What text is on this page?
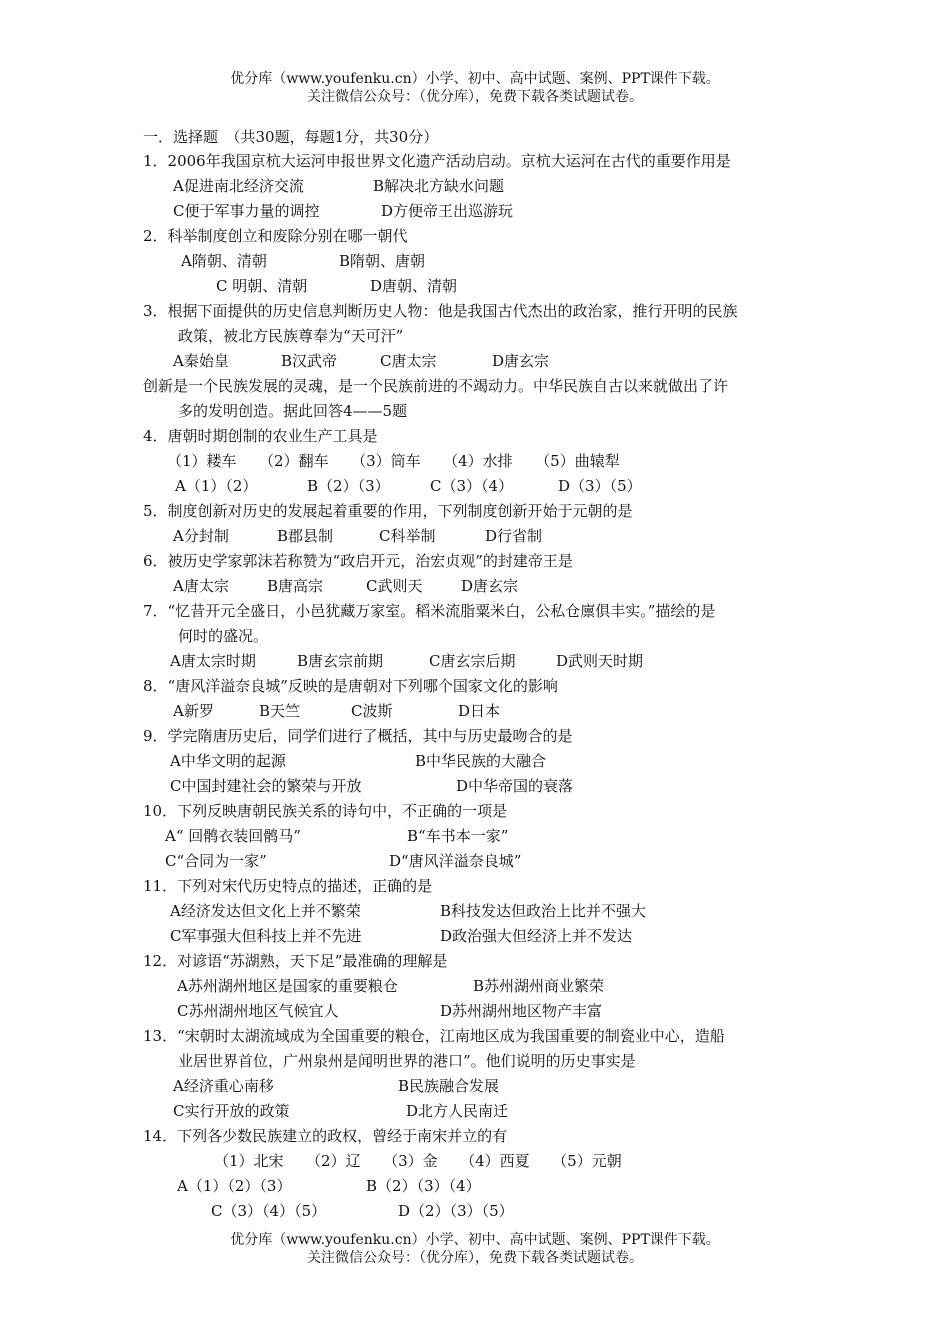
优分库（www.youfenku.cn）小学、初中、高中试题、案例、PPT课件下载。
关注微信公众号：（优分库），免费下载各类试题试卷。
一．选择题　（共30题，每题1分，共30分）
1．2006年我国京杭大运河申报世界文化遗产活动启动。京杭大运河在古代的重要作用是
A促进南北经济交流	B解决北方缺水问题
C便于军事力量的调控	D方便帝王出巡游玩
2．科举制度创立和废除分别在哪一朝代
A隋朝、清朝	B隋朝、唐朝
C 明朝、清朝	D唐朝、清朝
3．根据下面提供的历史信息判断历史人物：他是我国古代杰出的政治家，推行开明的民族
政策，被北方民族尊奉为“天可汗”
A秦始皇	B汉武帝	C唐太宗	D唐玄宗
创新是一个民族发展的灵魂，是一个民族前进的不竭动力。中华民族自古以来就做出了许
多的发明创造。据此回答4——5题
4．唐朝时期创制的农业生产工具是
（1）耧车　　（2）翻车　　（3）筒车　　（4）水排　　（5）曲辕犁
A（1）（2）	B（2）（3）	C（3）（4）	D（3）（5）
5．制度创新对历史的发展起着重要的作用，下列制度创新开始于元朝的是
A分封制	B郡县制	C科举制	D行省制
6．被历史学家郭沫若称赞为“政启开元，治宏贞观”的封建帝王是
A唐太宗	B唐高宗	C武则天	D唐玄宗
7．“忆昔开元全盛日，小邑犹藏万家室。稻米流脂粟米白，公私仓廪俱丰实。”描绘的是
何时的盛况。
A唐太宗时期	B唐玄宗前期	C唐玄宗后期	D武则天时期
8．“唐风洋溢奈良城”反映的是唐朝对下列哪个国家文化的影响
A新罗	B天竺	C波斯	D日本
9．学完隋唐历史后，同学们进行了概括，其中与历史最吻合的是
A中华文明的起源	B中华民族的大融合
C中国封建社会的繁荣与开放	D中华帝国的衰落
10．下列反映唐朝民族关系的诗句中，不正确的一项是
A“ 回鹘衣装回鹘马”	B“车书本一家”
C“合同为一家”	D“唐风洋溢奈良城”
11．下列对宋代历史特点的描述，正确的是
A经济发达但文化上并不繁荣	B科技发达但政治上比并不强大
C军事强大但科技上并不先进	D政治强大但经济上并不发达
12．对谚语“苏湖熟，天下足”最准确的理解是
A苏州湖州地区是国家的重要粮仓	B苏州湖州商业繁荣
C苏州湖州地区气候宜人	D苏州湖州地区物产丰富
13．“宋朝时太湖流域成为全国重要的粮仓，江南地区成为我国重要的制瓷业中心，造船
业居世界首位，广州泉州是闻明世界的港口”。他们说明的历史事实是
A经济重心南移	B民族融合发展
C实行开放的政策	D北方人民南迁
14．下列各少数民族建立的政权，曾经于南宋并立的有
（1）北宋　　（2）辽　　（3）金　　（4）西夏　　（5）元朝
A（1）（2）（3）	B（2）（3）（4）
C（3）（4）（5）	D（2）（3）（5）
优分库（www.youfenku.cn）小学、初中、高中试题、案例、PPT课件下载。
关注微信公众号：（优分库），免费下载各类试题试卷。
